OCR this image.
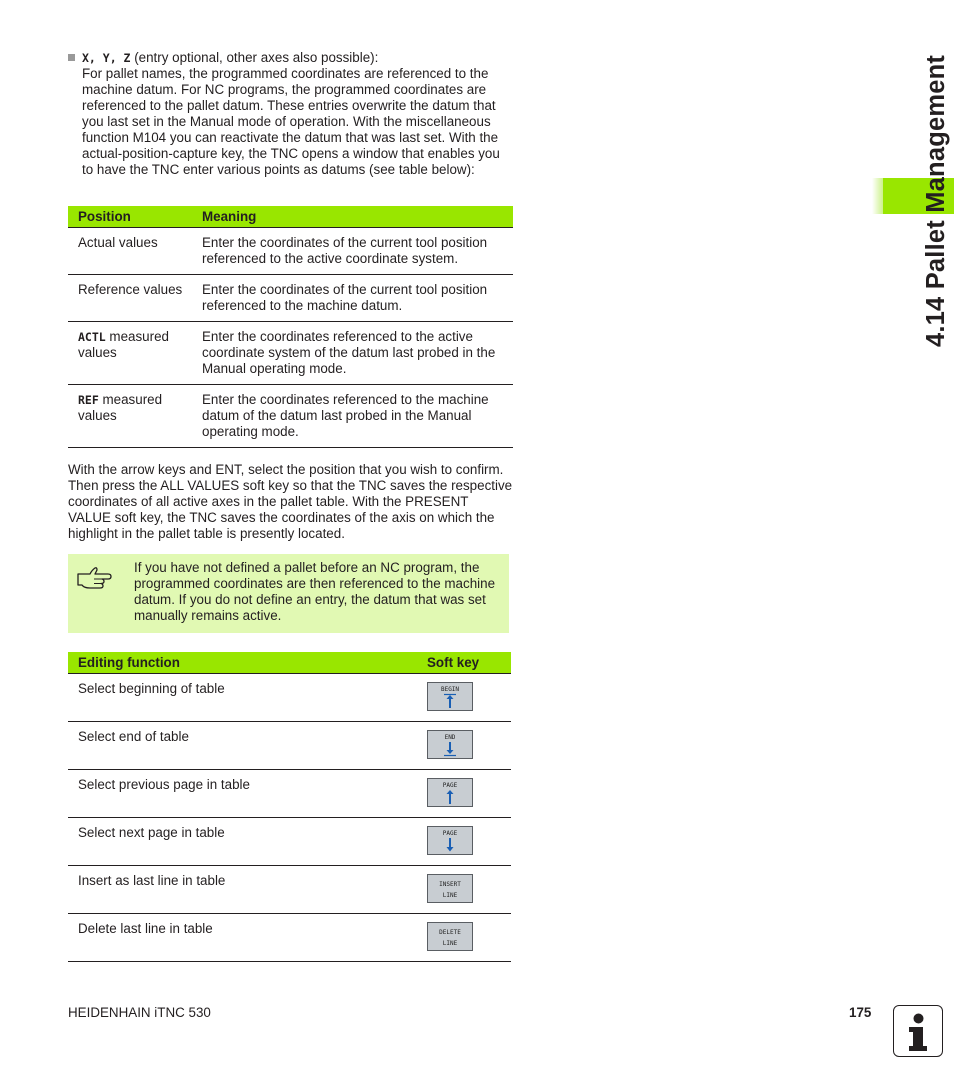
4.14 Pallet Management
X, Y, Z (entry optional, other axes also possible):
For pallet names, the programmed coordinates are referenced to the machine datum. For NC programs, the programmed coordinates are referenced to the pallet datum. These entries overwrite the datum that you last set in the Manual mode of operation. With the miscellaneous function M104 you can reactivate the datum that was last set. With the actual-position-capture key, the TNC opens a window that enables you to have the TNC enter various points as datums (see table below):
Position	Meaning
Actual values	Enter the coordinates of the current tool position referenced to the active coordinate system.
Reference values	Enter the coordinates of the current tool position referenced to the machine datum.
ACTL measured values	Enter the coordinates referenced to the active coordinate system of the datum last probed in the Manual operating mode.
REF measured values	Enter the coordinates referenced to the machine datum of the datum last probed in the Manual operating mode.
With the arrow keys and ENT, select the position that you wish to confirm. Then press the ALL VALUES soft key so that the TNC saves the respective coordinates of all active axes in the pallet table. With the PRESENT VALUE soft key, the TNC saves the coordinates of the axis on which the highlight in the pallet table is presently located.
If you have not defined a pallet before an NC program, the programmed coordinates are then referenced to the machine datum. If you do not define an entry, the datum that was set manually remains active.
Editing function	Soft key
Select beginning of table	BEGIN

Select end of table	END

Select previous page in table	PAGE

Select next page in table	PAGE

Insert as last line in table	INSERT
LINE

Delete last line in table	DELETE
LINE
HEIDENHAIN iTNC 530	175
